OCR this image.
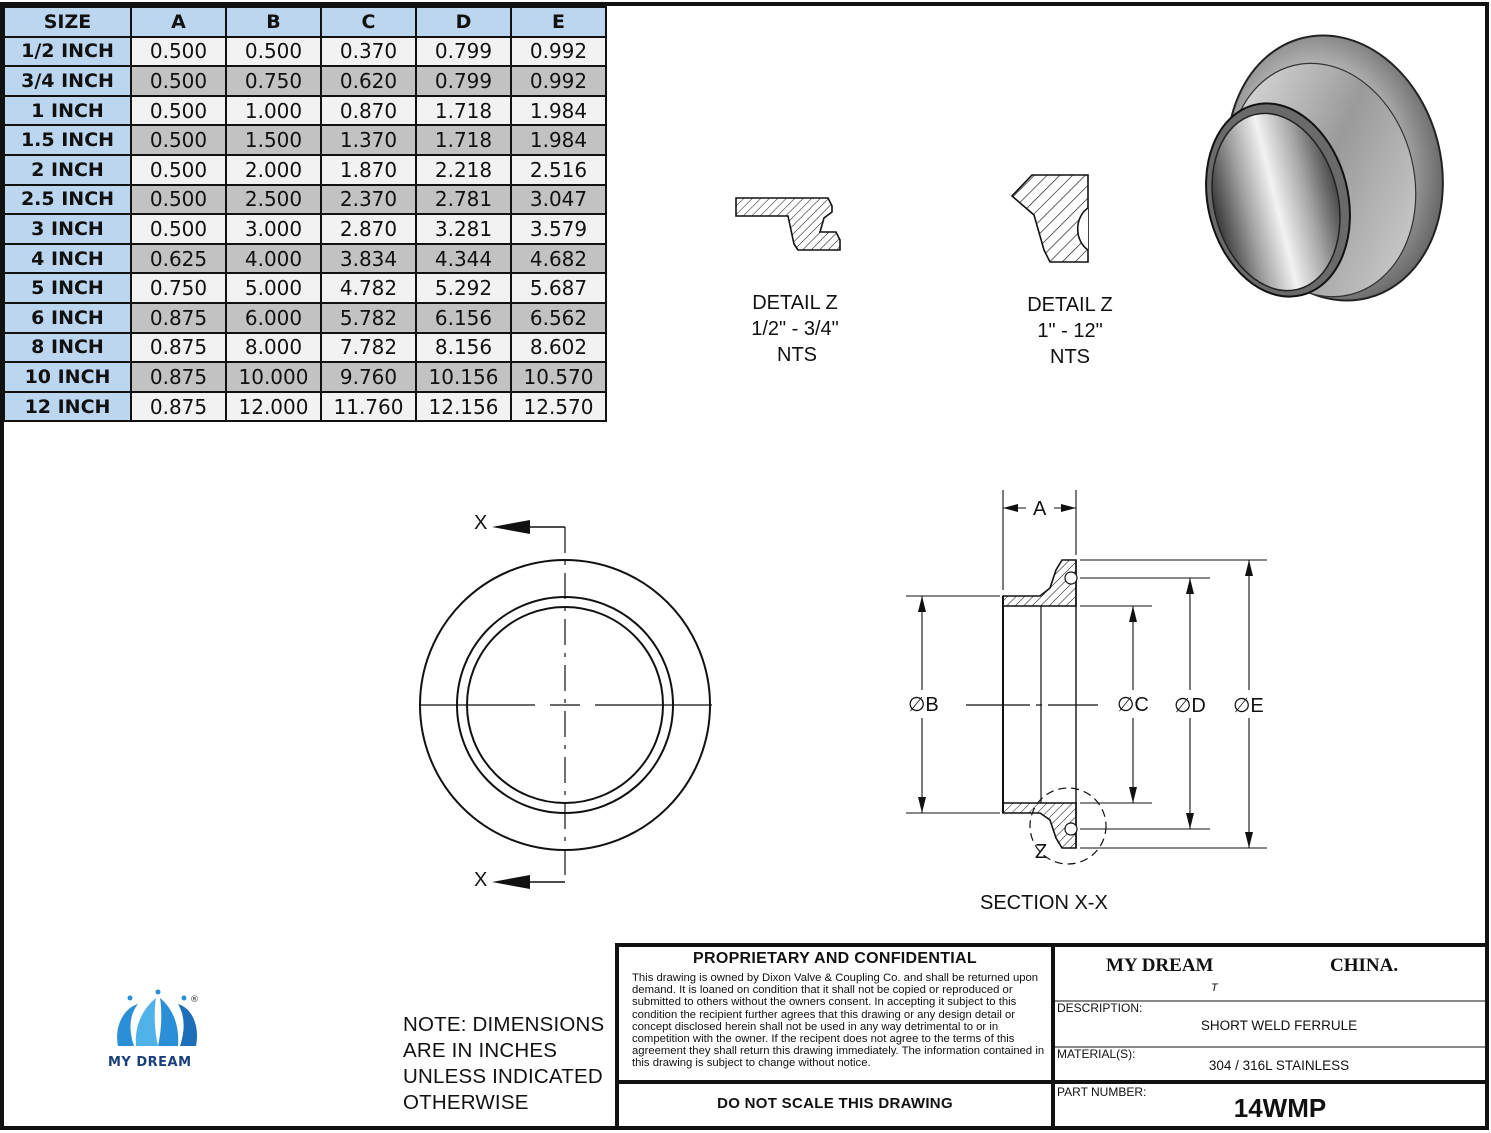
SIZE	A	B	C	D	E
1/2 INCH	0.500	0.500	0.370	0.799	0.992
3/4 INCH	0.500	0.750	0.620	0.799	0.992
1 INCH	0.500	1.000	0.870	1.718	1.984
1.5 INCH	0.500	1.500	1.370	1.718	1.984
2 INCH	0.500	2.000	1.870	2.218	2.516
2.5 INCH	0.500	2.500	2.370	2.781	3.047
3 INCH	0.500	3.000	2.870	3.281	3.579
4 INCH	0.625	4.000	3.834	4.344	4.682
5 INCH	0.750	5.000	4.782	5.292	5.687
6 INCH	0.875	6.000	5.782	6.156	6.562
8 INCH	0.875	8.000	7.782	8.156	8.602
10 INCH	0.875	10.000	9.760	10.156	10.570
12 INCH	0.875	12.000	11.760	12.156	12.570
DETAIL Z
1/2" - 3/4"
NTS
DETAIL Z
1" - 12"
NTS
X
X
A
∅B	∅C ∅D ∅E
Z
SECTION X-X
NOTE: DIMENSIONS
ARE IN INCHES
UNLESS INDICATED
OTHERWISE
®
MY DREAM
PROPRIETARY AND CONFIDENTIAL
This drawing is owned by Dixon Valve & Coupling Co. and shall be returned upon demand. It is loaned on condition that it shall not be copied or reproduced or submitted to others without the owners consent. In accepting it subject to this condition the recipient further agrees that this drawing or any design detail or concept disclosed herein shall not be used in any way detrimental to or in competition with the owner. If the recipent does not agree to the terms of this agreement they shall return this drawing immediately. The information contained in this drawing is subject to change without notice.
DO NOT SCALE THIS DRAWING
MY DREAM	CHINA.
T
DESCRIPTION:
SHORT WELD FERRULE
MATERIAL(S):
304 / 316L STAINLESS
PART NUMBER:
14WMP
